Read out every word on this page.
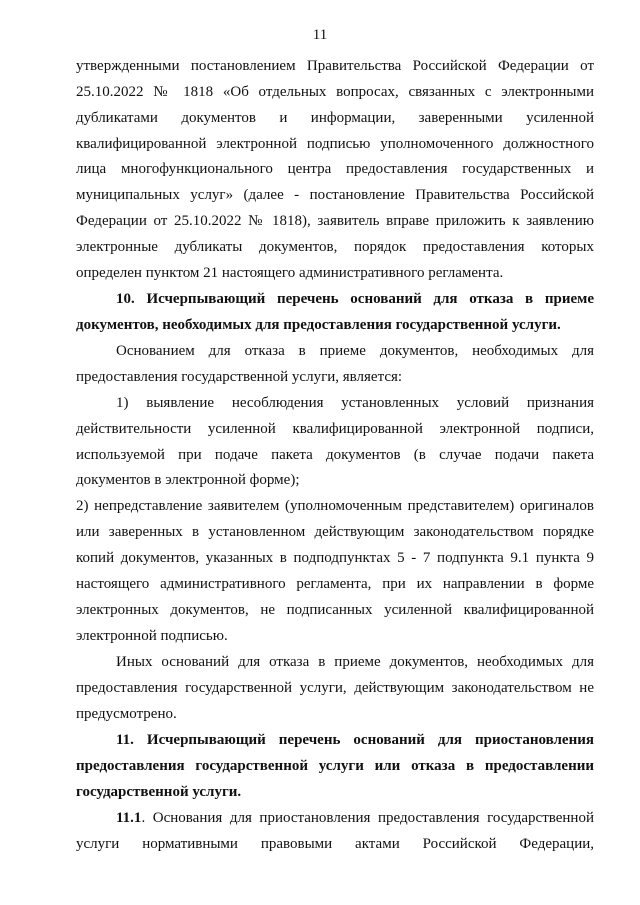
11
утвержденными постановлением Правительства Российской Федерации от
25.10.2022 № 1818 «Об отдельных вопросах, связанных с электронными
дубликатами документов и информации, заверенными усиленной
квалифицированной электронной подписью уполномоченного должностного
лица многофункционального центра предоставления государственных и
муниципальных услуг» (далее - постановление Правительства Российской
Федерации от 25.10.2022 № 1818), заявитель вправе приложить к заявлению
электронные дубликаты документов, порядок предоставления которых
определен пунктом 21 настоящего административного регламента.
10. Исчерпывающий перечень оснований для отказа в приеме
документов, необходимых для предоставления государственной услуги.
Основанием для отказа в приеме документов, необходимых для
предоставления государственной услуги, является:
1) выявление несоблюдения установленных условий признания
действительности усиленной квалифицированной электронной подписи,
используемой при подаче пакета документов (в случае подачи пакета
документов в электронной форме);
2) непредставление заявителем (уполномоченным представителем) оригиналов
или заверенных в установленном действующим законодательством порядке
копий документов, указанных в подподпунктах 5 - 7 подпункта 9.1 пункта 9
настоящего административного регламента, при их направлении в форме
электронных документов, не подписанных усиленной квалифицированной
электронной подписью.
Иных оснований для отказа в приеме документов, необходимых для
предоставления государственной услуги, действующим законодательством не
предусмотрено.
11. Исчерпывающий перечень оснований для приостановления
предоставления государственной услуги или отказа в предоставлении
государственной услуги.
11.1. Основания для приостановления предоставления государственной
услуги нормативными правовыми актами Российской Федерации,
